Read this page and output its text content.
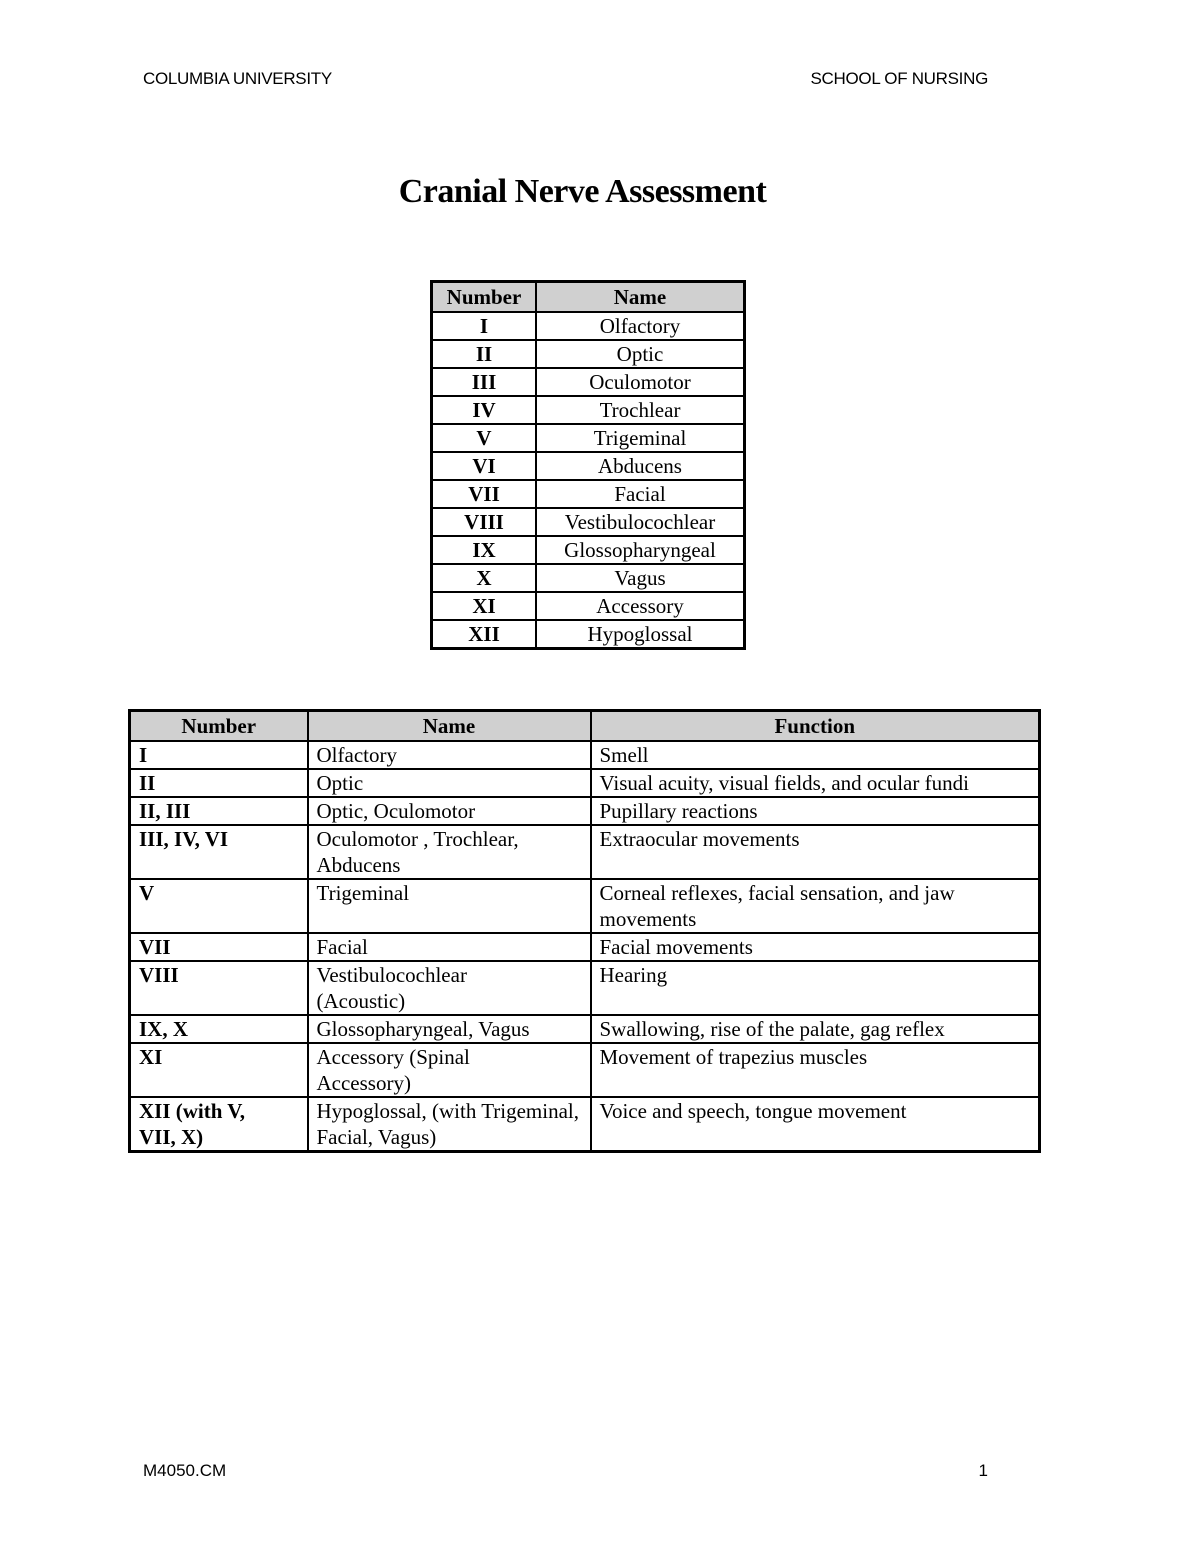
COLUMBIA UNIVERSITY	SCHOOL OF NURSING
Cranial Nerve Assessment
Number	Name
I	Olfactory
II	Optic
III	Oculomotor
IV	Trochlear
V	Trigeminal
VI	Abducens
VII	Facial
VIII	Vestibulocochlear
IX	Glossopharyngeal
X	Vagus
XI	Accessory
XII	Hypoglossal
Number	Name	Function
I	Olfactory	Smell
II	Optic	Visual acuity, visual fields, and ocular fundi
II, III	Optic, Oculomotor	Pupillary reactions
III, IV, VI	Oculomotor , Trochlear, Abducens	Extraocular movements
V	Trigeminal	Corneal reflexes, facial sensation, and jaw movements
VII	Facial	Facial movements
VIII	Vestibulocochlear (Acoustic)	Hearing
IX, X	Glossopharyngeal, Vagus	Swallowing, rise of the palate, gag reflex
XI	Accessory (Spinal Accessory)	Movement of trapezius muscles
XII (with V, VII, X)	Hypoglossal, (with Trigeminal, Facial, Vagus)	Voice and speech, tongue movement
M4050.CM	1
